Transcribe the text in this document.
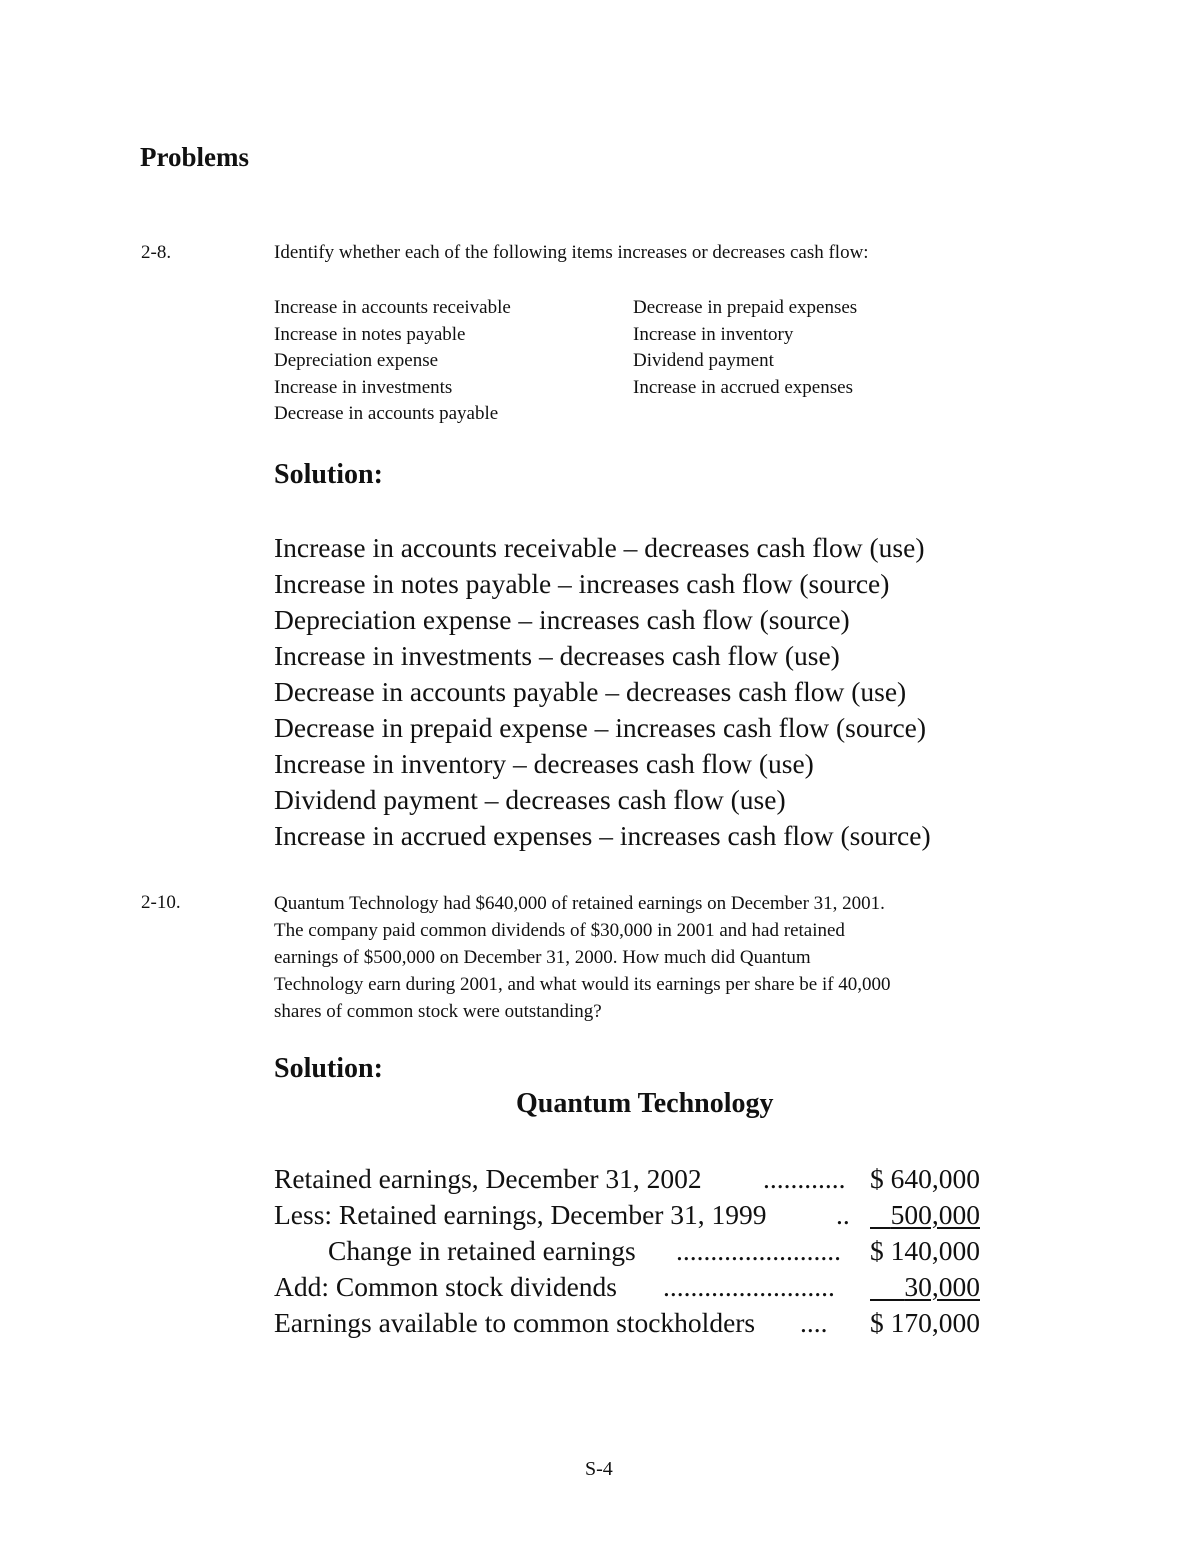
Problems
2-8.	Identify whether each of the following items increases or decreases cash flow:
Increase in accounts receivable
Increase in notes payable
Depreciation expense
Increase in investments
Decrease in accounts payable
Decrease in prepaid expenses
Increase in inventory
Dividend payment
Increase in accrued expenses
Solution:
Increase in accounts receivable – decreases cash flow (use)
Increase in notes payable – increases cash flow (source)
Depreciation expense – increases cash flow (source)
Increase in investments – decreases cash flow (use)
Decrease in accounts payable – decreases cash flow (use)
Decrease in prepaid expense – increases cash flow (source)
Increase in inventory – decreases cash flow (use)
Dividend payment – decreases cash flow (use)
Increase in accrued expenses – increases cash flow (source)
2-10.	Quantum Technology had $640,000 of retained earnings on December 31, 2001.
The company paid common dividends of $30,000 in 2001 and had retained
earnings of $500,000 on December 31, 2000. How much did Quantum
Technology earn during 2001, and what would its earnings per share be if 40,000
shares of common stock were outstanding?
Solution:
Quantum Technology
Retained earnings, December 31, 2002 ............ $ 640,000
Less: Retained earnings, December 31, 1999	..	500,000
Change in retained earnings ........................ $ 140,000
Add: Common stock dividends .........................	30,000
Earnings available to common stockholders .... $ 170,000
S-4
